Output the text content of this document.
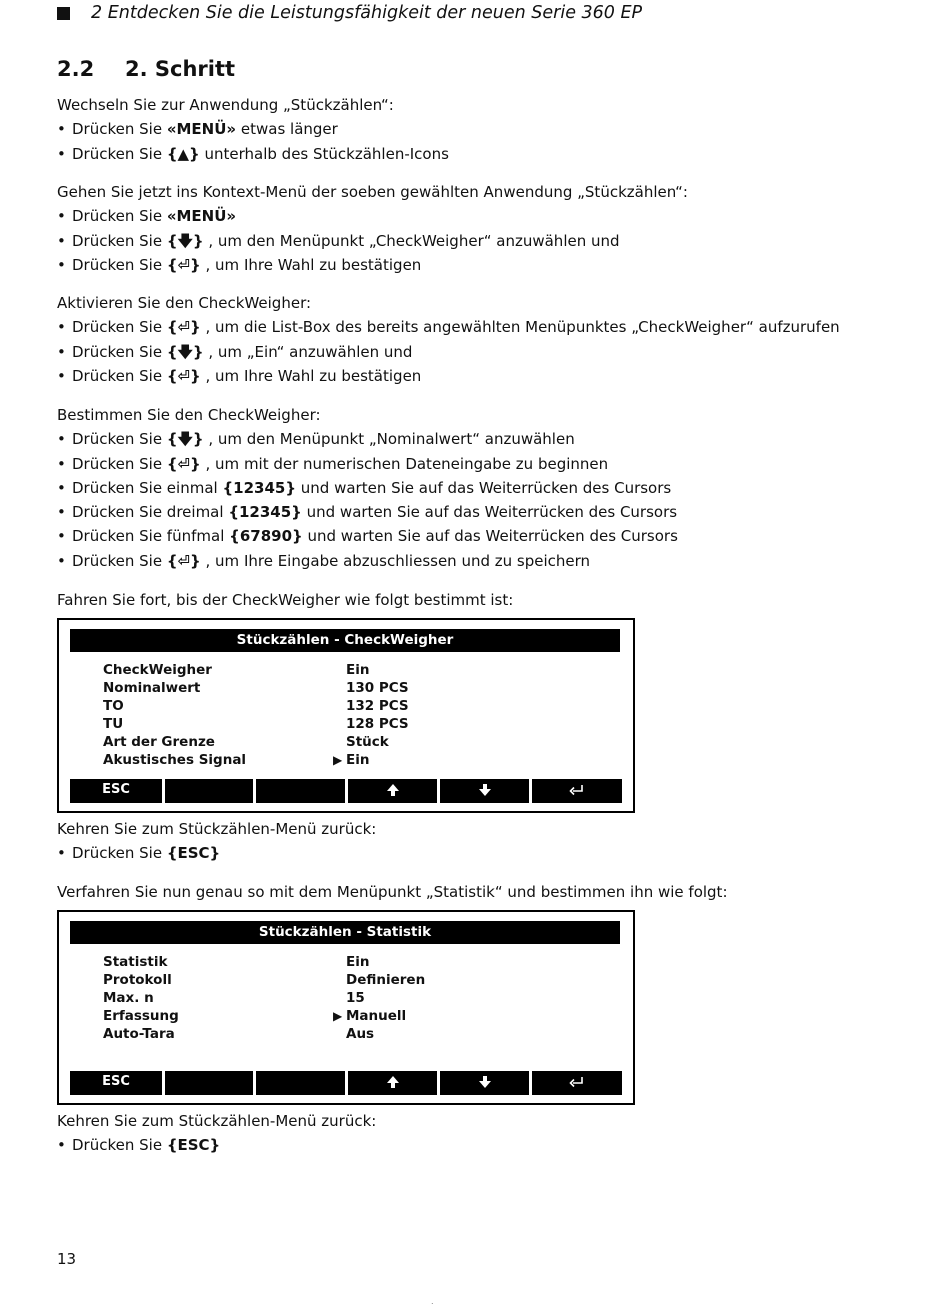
2 Entdecken Sie die Leistungsfähigkeit der neuen Serie 360 EP
2.2 2. Schritt
Wechseln Sie zur Anwendung „Stückzählen“:
• Drücken Sie «MENÜ» etwas länger
• Drücken Sie {▲} unterhalb des Stückzählen-Icons
Gehen Sie jetzt ins Kontext-Menü der soeben gewählten Anwendung „Stückzählen“:
• Drücken Sie «MENÜ»
• Drücken Sie {🡇} , um den Menüpunkt „CheckWeigher“ anzuwählen und
• Drücken Sie {⏎} , um Ihre Wahl zu bestätigen
Aktivieren Sie den CheckWeigher:
• Drücken Sie {⏎} , um die List-Box des bereits angewählten Menüpunktes „CheckWeigher“ aufzurufen
• Drücken Sie {🡇} , um „Ein“ anzuwählen und
• Drücken Sie {⏎} , um Ihre Wahl zu bestätigen
Bestimmen Sie den CheckWeigher:
• Drücken Sie {🡇} , um den Menüpunkt „Nominalwert“ anzuwählen
• Drücken Sie {⏎} , um mit der numerischen Dateneingabe zu beginnen
• Drücken Sie einmal {12345} und warten Sie auf das Weiterrücken des Cursors
• Drücken Sie dreimal {12345} und warten Sie auf das Weiterrücken des Cursors
• Drücken Sie fünfmal {67890} und warten Sie auf das Weiterrücken des Cursors
• Drücken Sie {⏎} , um Ihre Eingabe abzuschliessen und zu speichern
Fahren Sie fort, bis der CheckWeigher wie folgt bestimmt ist:
Stückzählen - CheckWeigher
CheckWeigher	Ein
Nominalwert	130 PCS
TO	132 PCS
TU	128 PCS
Art der Grenze	Stück
Akustisches Signal	▶ Ein
ESC
Kehren Sie zum Stückzählen-Menü zurück:
• Drücken Sie {ESC}
Verfahren Sie nun genau so mit dem Menüpunkt „Statistik“ und bestimmen ihn wie folgt:
Stückzählen - Statistik
Statistik	Ein
Protokoll	Definieren
Max. n	15
Erfassung	▶ Manuell
Auto-Tara	Aus
ESC
Kehren Sie zum Stückzählen-Menü zurück:
• Drücken Sie {ESC}
13
.
